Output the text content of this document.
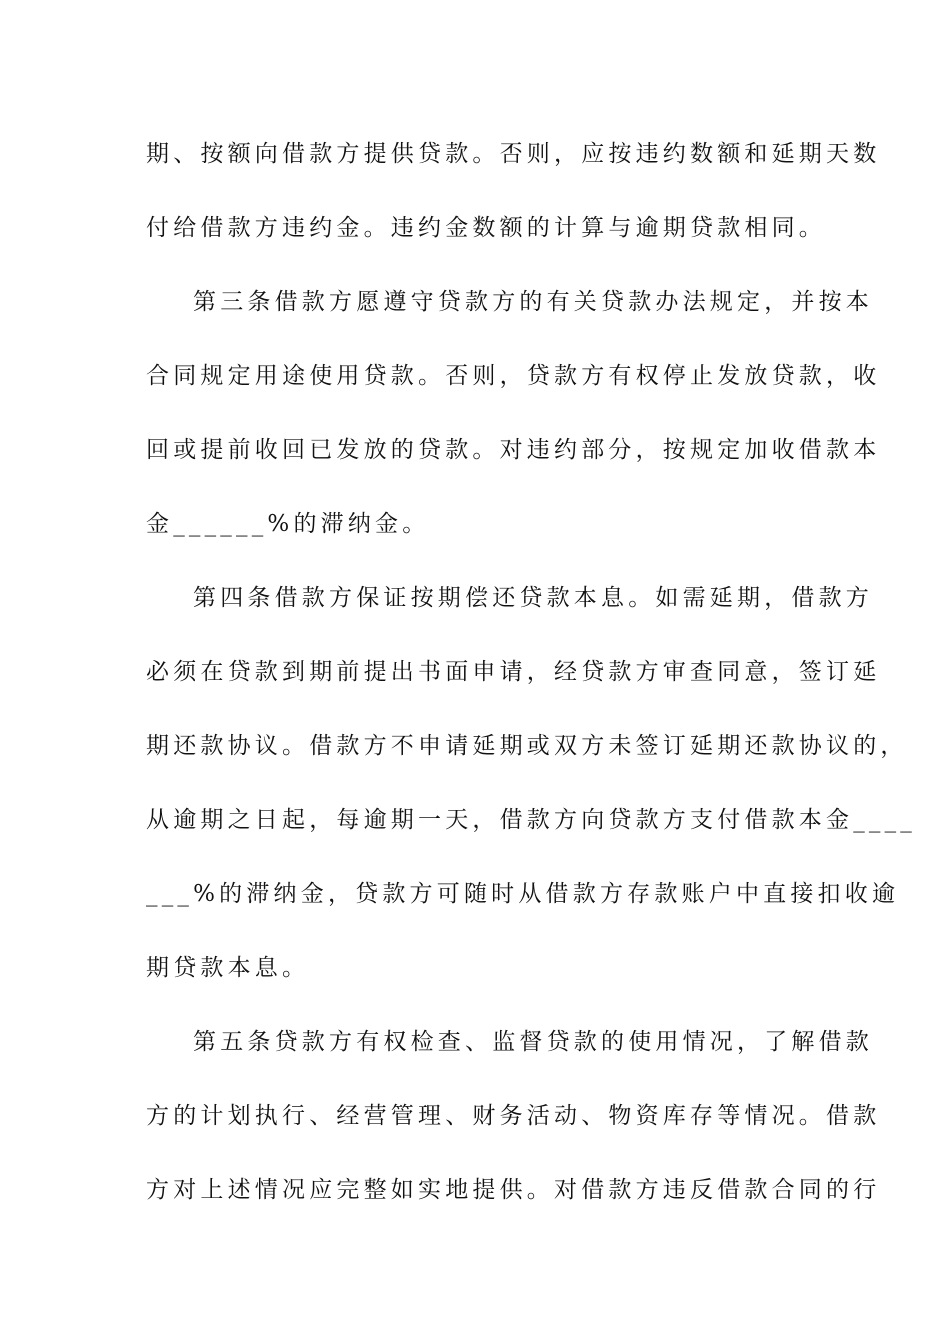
期、按额向借款方提供贷款。否则，应按违约数额和延期天数
付给借款方违约金。违约金数额的计算与逾期贷款相同。
第三条借款方愿遵守贷款方的有关贷款办法规定，并按本
合同规定用途使用贷款。否则，贷款方有权停止发放贷款，收
回或提前收回已发放的贷款。对违约部分，按规定加收借款本
金______%的滞纳金。
第四条借款方保证按期偿还贷款本息。如需延期，借款方
必须在贷款到期前提出书面申请，经贷款方审查同意，签订延
期还款协议。借款方不申请延期或双方未签订延期还款协议的，
从逾期之日起，每逾期一天，借款方向贷款方支付借款本金____
___%的滞纳金，贷款方可随时从借款方存款账户中直接扣收逾
期贷款本息。
第五条贷款方有权检查、监督贷款的使用情况，了解借款
方的计划执行、经营管理、财务活动、物资库存等情况。借款
方对上述情况应完整如实地提供。对借款方违反借款合同的行
